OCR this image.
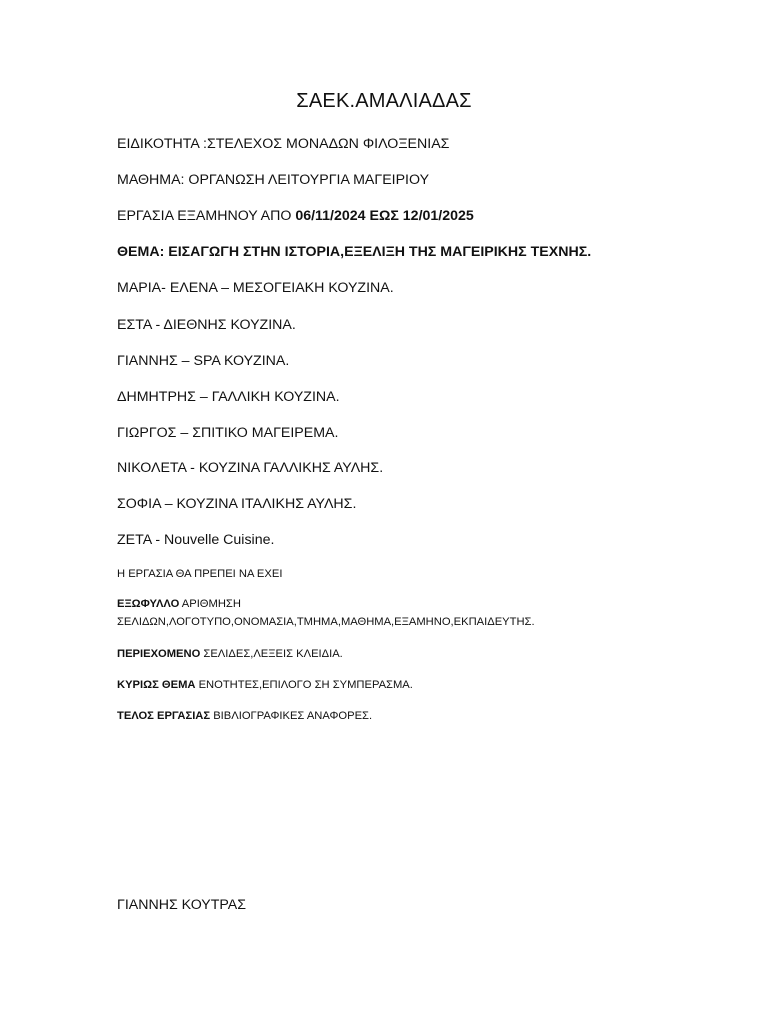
ΣΑΕΚ.ΑΜΑΛΙΑΔΑΣ
ΕΙΔΙΚΟΤΗΤΑ :ΣΤΕΛΕΧΟΣ ΜΟΝΑΔΩΝ ΦΙΛΟΞΕΝΙΑΣ
ΜΑΘΗΜΑ: ΟΡΓΑΝΩΣΗ ΛΕΙΤΟΥΡΓΙΑ ΜΑΓΕΙΡΙΟΥ
ΕΡΓΑΣΙΑ ΕΞΑΜΗΝΟΥ ΑΠΟ 06/11/2024 ΕΩΣ 12/01/2025
ΘΕΜΑ: ΕΙΣΑΓΩΓΗ ΣΤΗΝ ΙΣΤΟΡΙΑ,ΕΞΕΛΙΞΗ ΤΗΣ ΜΑΓΕΙΡΙΚΗΣ ΤΕΧΝΗΣ.
ΜΑΡΙΑ- ΕΛΕΝΑ – ΜΕΣΟΓΕΙΑΚΗ ΚΟΥΖΙΝΑ.
ΕΣΤΑ - ΔΙΕΘΝΗΣ ΚΟΥΖΙΝΑ.
ΓΙΑΝΝΗΣ – SPA ΚΟΥΖΙΝΑ.
ΔΗΜΗΤΡΗΣ – ΓΑΛΛΙΚΗ ΚΟΥΖΙΝΑ.
ΓΙΩΡΓΟΣ – ΣΠΙΤΙΚΟ ΜΑΓΕΙΡΕΜΑ.
ΝΙΚΟΛΕΤΑ - ΚΟΥΖΙΝΑ ΓΑΛΛΙΚΗΣ ΑΥΛΗΣ.
ΣΟΦΙΑ – ΚΟΥΖΙΝΑ ΙΤΑΛΙΚΗΣ ΑΥΛΗΣ.
ΖΕΤΑ - Nouvelle Cuisine.
Η ΕΡΓΑΣΙΑ ΘΑ ΠΡΕΠΕΙ ΝΑ ΕΧΕΙ
ΕΞΩΦΥΛΛΟ ΑΡΙΘΜΗΣΗ
ΣΕΛΙΔΩΝ,ΛΟΓΟΤΥΠΟ,ΟΝΟΜΑΣΙΑ,ΤΜΗΜΑ,ΜΑΘΗΜΑ,ΕΞΑΜΗΝΟ,ΕΚΠΑΙΔΕΥΤΗΣ.
ΠΕΡΙΕΧΟΜΕΝΟ ΣΕΛΙΔΕΣ,ΛΕΞΕΙΣ ΚΛΕΙΔΙΑ.
ΚΥΡΙΩΣ ΘΕΜΑ ΕΝΟΤΗΤΕΣ,ΕΠΙΛΟΓΟ ΣΗ ΣΥΜΠΕΡΑΣΜΑ.
ΤΕΛΟΣ ΕΡΓΑΣΙΑΣ ΒΙΒΛΙΟΓΡΑΦΙΚΕΣ ΑΝΑΦΟΡΕΣ.
ΓΙΑΝΝΗΣ ΚΟΥΤΡΑΣ
